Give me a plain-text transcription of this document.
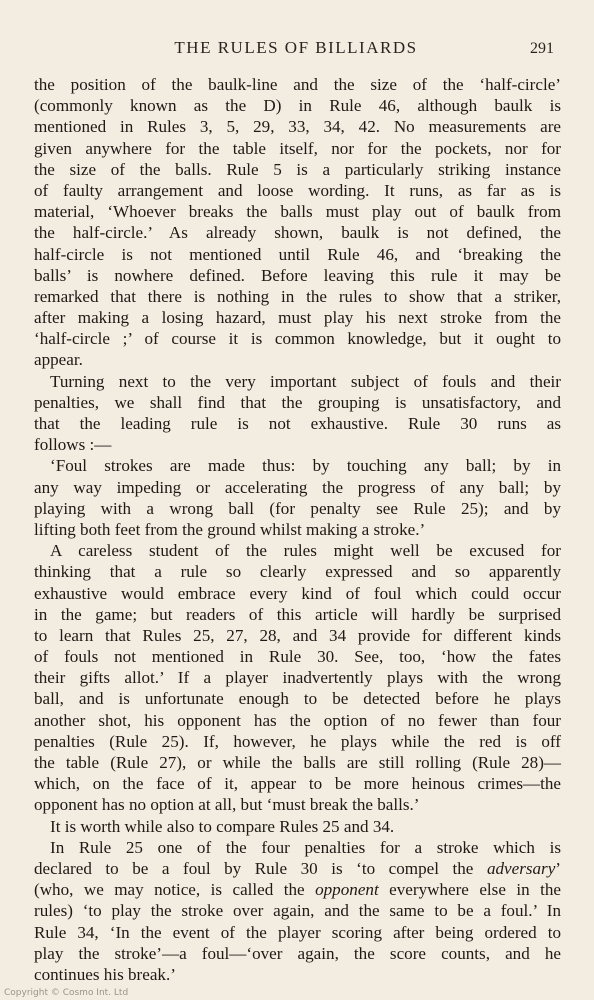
THE RULES OF BILLIARDS	291
the position of the baulk-line and the size of the ‘half-circle’
(commonly known as the D) in Rule 46, although baulk is
mentioned in Rules 3, 5, 29, 33, 34, 42. No measurements are
given anywhere for the table itself, nor for the pockets, nor for
the size of the balls. Rule 5 is a particularly striking instance
of faulty arrangement and loose wording. It runs, as far as is
material, ‘Whoever breaks the balls must play out of baulk from
the half-circle.’ As already shown, baulk is not defined, the
half-circle is not mentioned until Rule 46, and ‘breaking the
balls’ is nowhere defined. Before leaving this rule it may be
remarked that there is nothing in the rules to show that a striker,
after making a losing hazard, must play his next stroke from the
‘half-circle ;’ of course it is common knowledge, but it ought to
appear.
Turning next to the very important subject of fouls and their
penalties, we shall find that the grouping is unsatisfactory, and
that the leading rule is not exhaustive. Rule 30 runs as
follows :—
‘Foul strokes are made thus: by touching any ball; by in
any way impeding or accelerating the progress of any ball; by
playing with a wrong ball (for penalty see Rule 25); and by
lifting both feet from the ground whilst making a stroke.’
A careless student of the rules might well be excused for
thinking that a rule so clearly expressed and so apparently
exhaustive would embrace every kind of foul which could occur
in the game; but readers of this article will hardly be surprised
to learn that Rules 25, 27, 28, and 34 provide for different kinds
of fouls not mentioned in Rule 30. See, too, ‘how the fates
their gifts allot.’ If a player inadvertently plays with the wrong
ball, and is unfortunate enough to be detected before he plays
another shot, his opponent has the option of no fewer than four
penalties (Rule 25). If, however, he plays while the red is off
the table (Rule 27), or while the balls are still rolling (Rule 28)—
which, on the face of it, appear to be more heinous crimes—the
opponent has no option at all, but ‘must break the balls.’
It is worth while also to compare Rules 25 and 34.
In Rule 25 one of the four penalties for a stroke which is
declared to be a foul by Rule 30 is ‘to compel the adversary’
(who, we may notice, is called the opponent everywhere else in the
rules) ‘to play the stroke over again, and the same to be a foul.’ In
Rule 34, ‘In the event of the player scoring after being ordered to
play the stroke’—a foul—‘over again, the score counts, and he
continues his break.’
Copyright © Cosmo Int. Ltd
